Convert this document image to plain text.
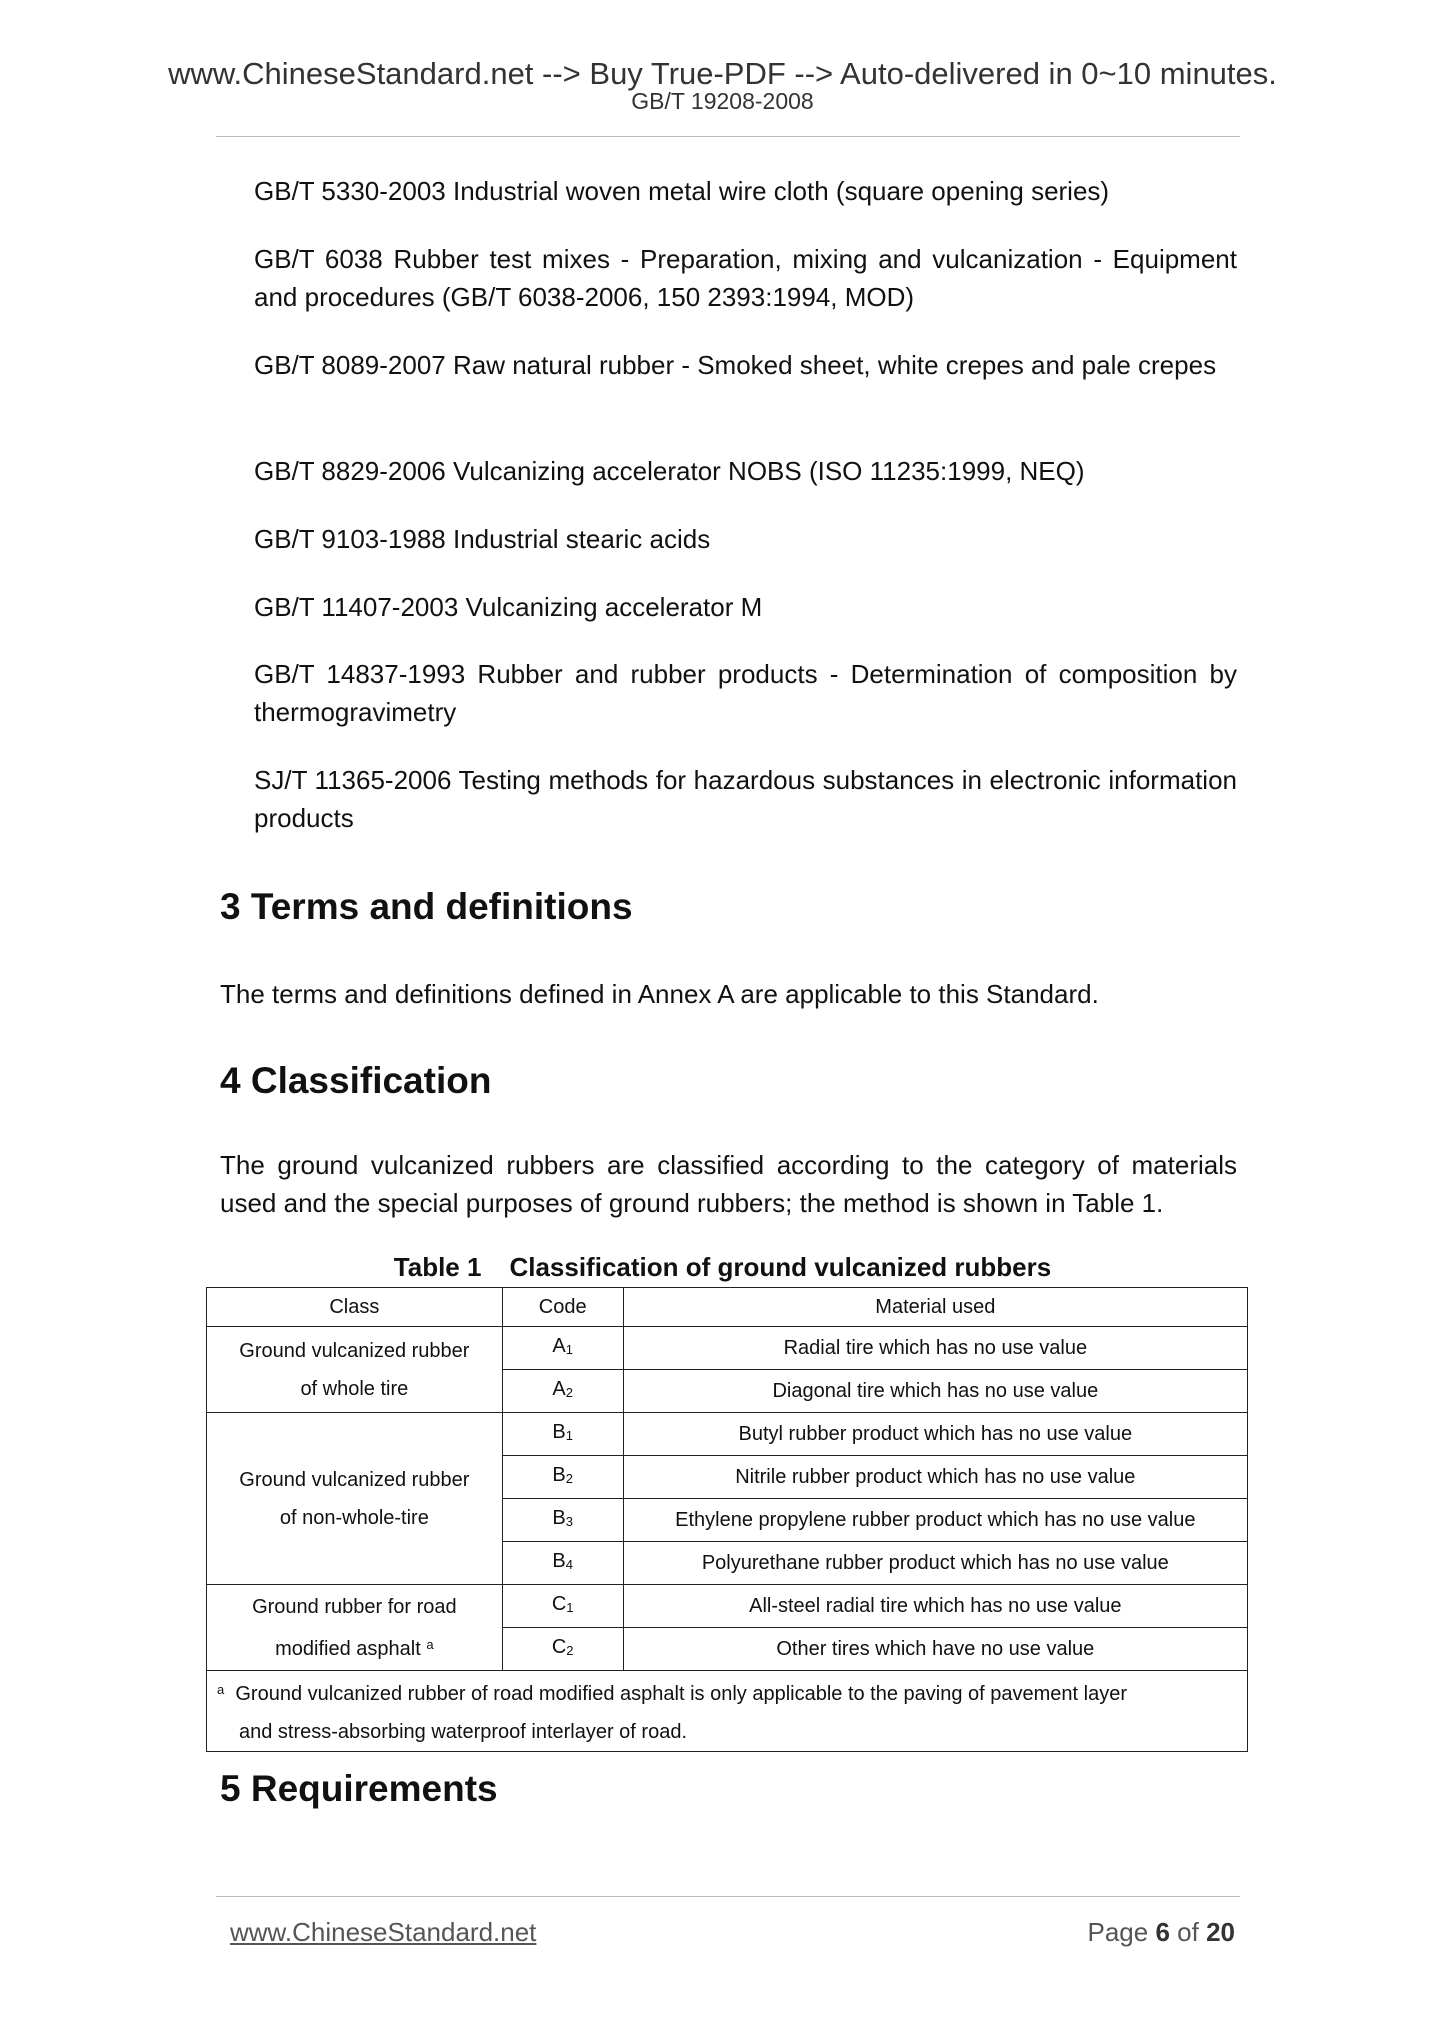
www.ChineseStandard.net --> Buy True-PDF --> Auto-delivered in 0~10 minutes.
GB/T 19208-2008
GB/T 5330-2003 Industrial woven metal wire cloth (square opening series)
GB/T 6038 Rubber test mixes - Preparation, mixing and vulcanization - Equipment and procedures (GB/T 6038-2006, 150 2393:1994, MOD)
GB/T 8089-2007 Raw natural rubber - Smoked sheet, white crepes and pale crepes
GB/T 8829-2006 Vulcanizing accelerator NOBS (ISO 11235:1999, NEQ)
GB/T 9103-1988 Industrial stearic acids
GB/T 11407-2003 Vulcanizing accelerator M
GB/T 14837-1993 Rubber and rubber products - Determination of composition by thermogravimetry
SJ/T 11365-2006 Testing methods for hazardous substances in electronic information products
3 Terms and definitions
The terms and definitions defined in Annex A are applicable to this Standard.
4 Classification
The ground vulcanized rubbers are classified according to the category of materials used and the special purposes of ground rubbers; the method is shown in Table 1.
Table 1 Classification of ground vulcanized rubbers
Class	Code	Material used

Ground vulcanized rubber
of whole tire	$A_1$	Radial tire which has no use value
	$A_2$	Diagonal tire which has no use value

Ground vulcanized rubber
of non-whole-tire	$B_1$	Butyl rubber product which has no use value
	$B_2$	Nitrile rubber product which has no use value
	$B_3$	Ethylene propylene rubber product which has no use value
	$B_4$	Polyurethane rubber product which has no use value

Ground rubber for road
modified asphalt $^a$	$C_1$	All-steel radial tire which has no use value
	$C_2$	Other tires which have no use value

$^a$ Ground vulcanized rubber of road modified asphalt is only applicable to the paving of pavement layer
and stress-absorbing waterproof interlayer of road.		
5 Requirements
www.ChineseStandard.net	Page 6 of 20
